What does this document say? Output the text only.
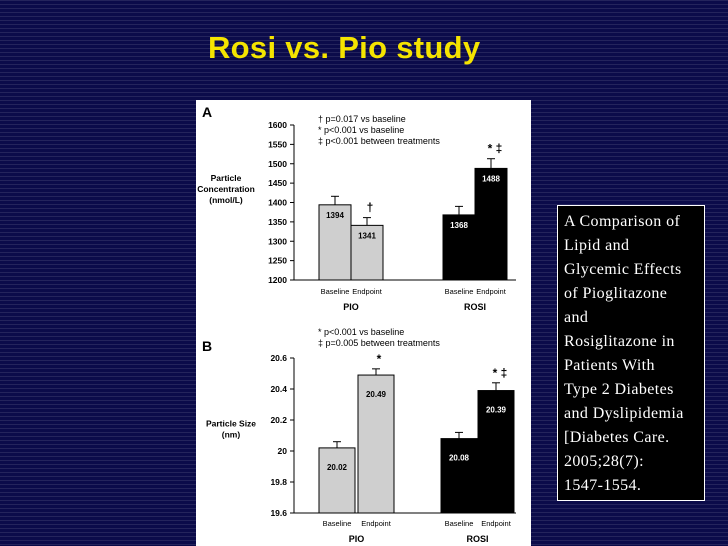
Rosi vs. Pio study
A	† p=0.017 vs baseline
* p<0.001 vs baseline
‡ p<0.001 between treatments
Particle
Concentration
(nmol/L)
1200
1250
1300
1350
1400
1450
1500
1550
1600
1394
1341
†
Baseline Endpoint
PIO
1368
1488
* ‡
Baseline Endpoint
ROSI
B
* p<0.001 vs baseline
‡ p=0.005 between treatments
Particle Size
(nm)
19.6
19.8
20
20.2
20.4
20.6
20.02
20.49
*
Baseline Endpoint
PIO
20.08
20.39
* ‡
Baseline Endpoint
ROSI
A Comparison of
Lipid and
Glycemic Effects
of Pioglitazone
and
Rosiglitazone in
Patients With
Type 2 Diabetes
and Dyslipidemia
[Diabetes Care.
2005;28(7):
1547-1554.
